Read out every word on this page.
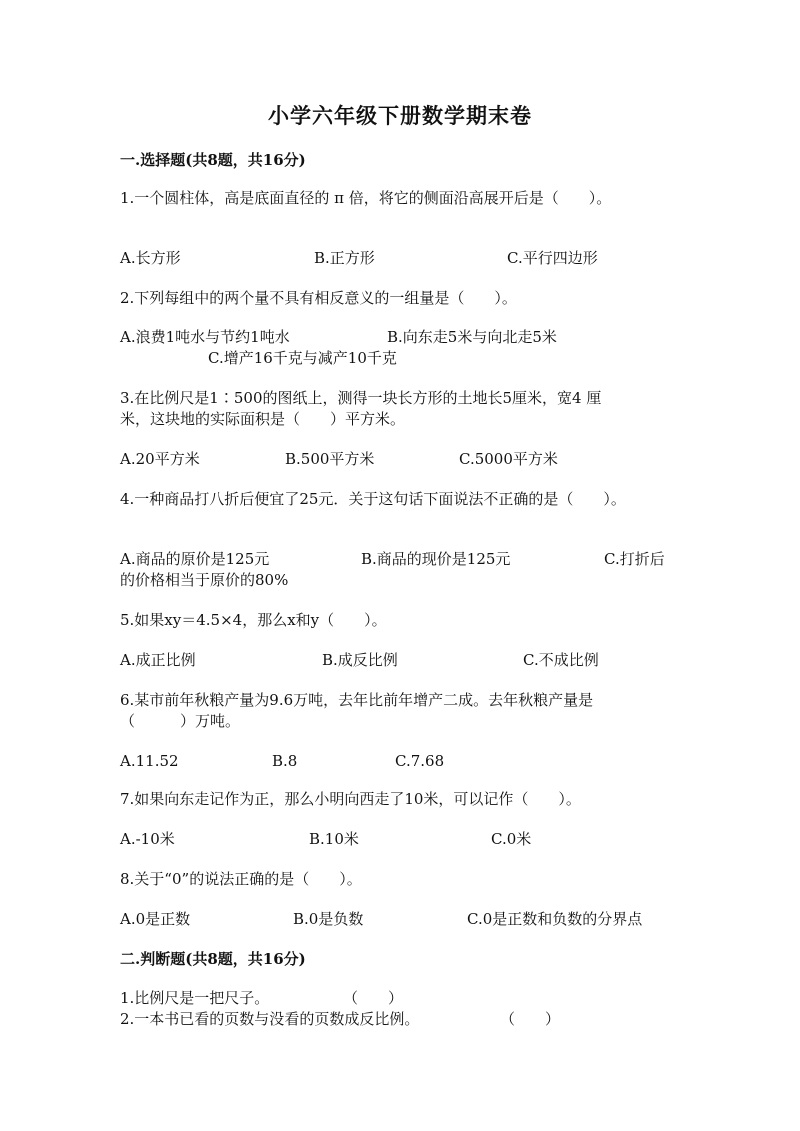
小学六年级下册数学期末卷
一.选择题(共8题，共16分)
1.一个圆柱体，高是底面直径的 π 倍，将它的侧面沿高展开后是（　　）。
A.长方形	B.正方形	C.平行四边形
2.下列每组中的两个量不具有相反意义的一组量是（　　）。
A.浪费1吨水与节约1吨水	B.向东走5米与向北走5米
C.增产16千克与减产10千克
3.在比例尺是1∶500的图纸上，测得一块长方形的土地长5厘米，宽4 厘
米，这块地的实际面积是（　　）平方米。
A.20平方米	B.500平方米	C.5000平方米
4.一种商品打八折后便宜了25元．关于这句话下面说法不正确的是（　　）。
A.商品的原价是125元	B.商品的现价是125元	C.打折后
的价格相当于原价的80%
5.如果xy＝4.5×4，那么x和y（　　）。
A.成正比例	B.成反比例	C.不成比例
6.某市前年秋粮产量为9.6万吨，去年比前年增产二成。去年秋粮产量是
（　　　）万吨。
A.11.52	B.8	C.7.68
7.如果向东走记作为正，那么小明向西走了10米，可以记作（　　）。
A.-10米	B.10米	C.0米
8.关于“0”的说法正确的是（　　）。
A.0是正数	B.0是负数	C.0是正数和负数的分界点
二.判断题(共8题，共16分)
1.比例尺是一把尺子。	（　　）
2.一本书已看的页数与没看的页数成反比例。	（　　）
